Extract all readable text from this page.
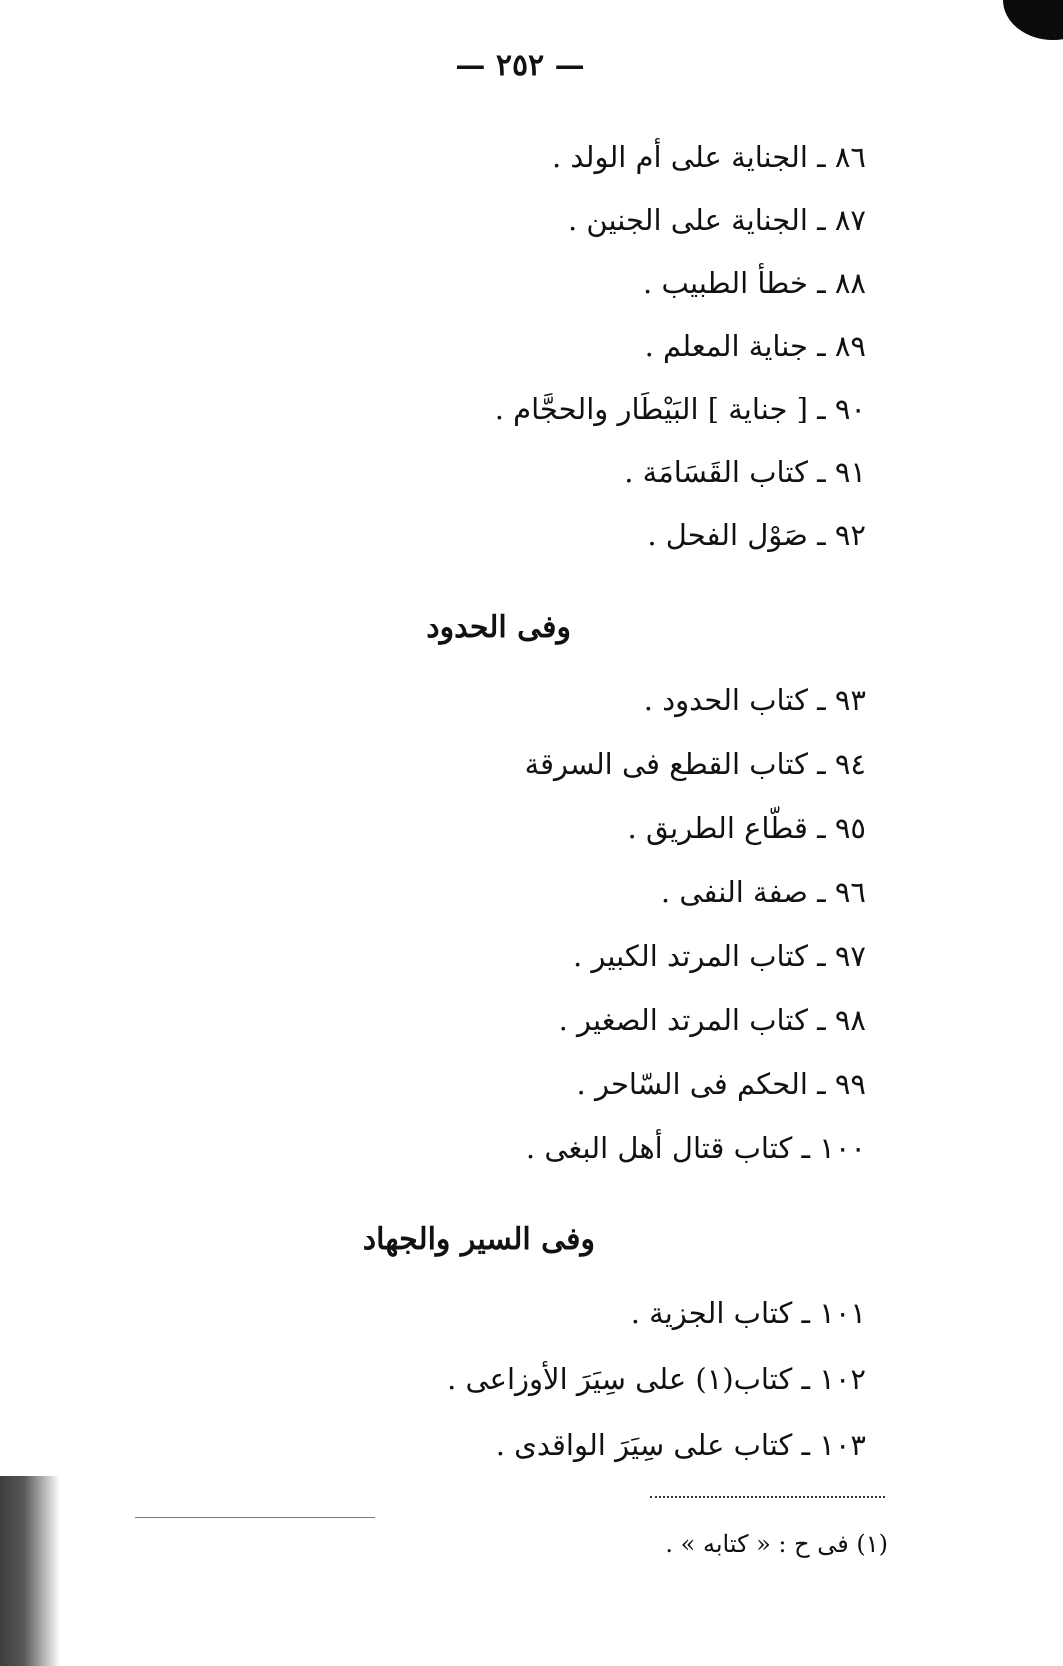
— ٢٥٢ —
٨٦ ـ الجناية على أم الولد .
٨٧ ـ الجناية على الجنين .
٨٨ ـ خطأ الطبيب .
٨٩ ـ جناية المعلم .
٩٠ ـ [ جناية ] البَيْطَار والحجَّام .
٩١ ـ كتاب القَسَامَة .
٩٢ ـ صَوْل الفحل .
وفى الحدود
٩٣ ـ كتاب الحدود .
٩٤ ـ كتاب القطع فى السرقة
٩٥ ـ قطّاع الطريق .
٩٦ ـ صفة النفى .
٩٧ ـ كتاب المرتد الكبير .
٩٨ ـ كتاب المرتد الصغير .
٩٩ ـ الحكم فى السّاحر .
١٠٠ ـ كتاب قتال أهل البغى .
وفى السير والجهاد
١٠١ ـ كتاب الجزية .
١٠٢ ـ كتاب(١) على سِيَرَ الأوزاعى .
١٠٣ ـ كتاب على سِيَرَ الواقدى .
(١) فى ح : « كتابه » .
